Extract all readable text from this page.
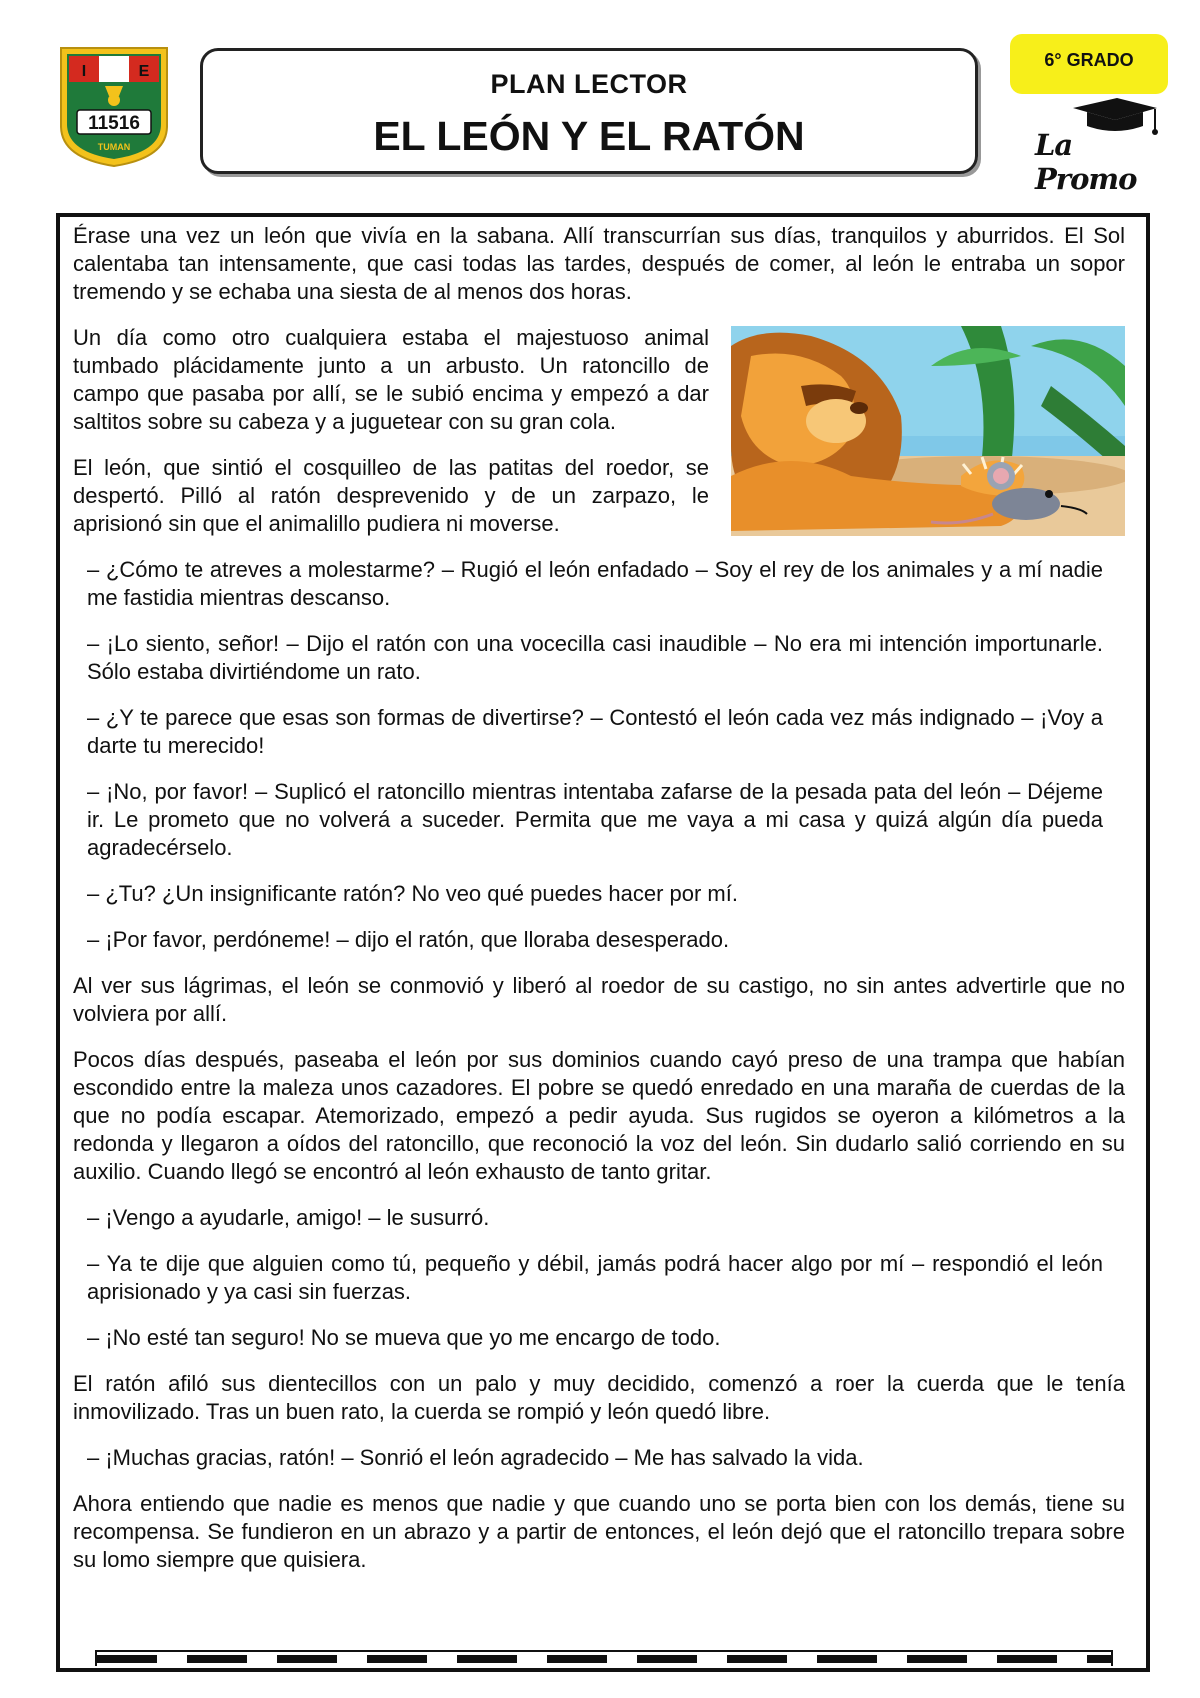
I	E
11516
TUMAN
PLAN LECTOR
EL LEÓN Y EL RATÓN
6° GRADO
La Promo

Érase una vez un león que vivía en la sabana. Allí transcurrían sus días, tranquilos y aburridos. El Sol calentaba tan intensamente, que casi todas las tardes, después de comer, al león le entraba un sopor tremendo y se echaba una siesta de al menos dos horas.

Un día como otro cualquiera estaba el majestuoso animal tumbado plácidamente junto a un arbusto. Un ratoncillo de campo que pasaba por allí, se le subió encima y empezó a dar saltitos sobre su cabeza y a juguetear con su gran cola.

El león, que sintió el cosquilleo de las patitas del roedor, se despertó. Pilló al ratón desprevenido y de un zarpazo, le aprisionó sin que el animalillo pudiera ni moverse.

– ¿Cómo te atreves a molestarme? – Rugió el león enfadado – Soy el rey de los animales y a mí nadie me fastidia mientras descanso.

– ¡Lo siento, señor! – Dijo el ratón con una vocecilla casi inaudible – No era mi intención importunarle. Sólo estaba divirtiéndome un rato.

– ¿Y te parece que esas son formas de divertirse? – Contestó el león cada vez más indignado – ¡Voy a darte tu merecido!

– ¡No, por favor! – Suplicó el ratoncillo mientras intentaba zafarse de la pesada pata del león – Déjeme ir. Le prometo que no volverá a suceder. Permita que me vaya a mi casa y quizá algún día pueda agradecérselo.

– ¿Tu? ¿Un insignificante ratón? No veo qué puedes hacer por mí.

– ¡Por favor, perdóneme! – dijo el ratón, que lloraba desesperado.

Al ver sus lágrimas, el león se conmovió y liberó al roedor de su castigo, no sin antes advertirle que no volviera por allí.

Pocos días después, paseaba el león por sus dominios cuando cayó preso de una trampa que habían escondido entre la maleza unos cazadores. El pobre se quedó enredado en una maraña de cuerdas de la que no podía escapar. Atemorizado, empezó a pedir ayuda. Sus rugidos se oyeron a kilómetros a la redonda y llegaron a oídos del ratoncillo, que reconoció la voz del león. Sin dudarlo salió corriendo en su auxilio. Cuando llegó se encontró al león exhausto de tanto gritar.

– ¡Vengo a ayudarle, amigo! – le susurró.

– Ya te dije que alguien como tú, pequeño y débil, jamás podrá hacer algo por mí – respondió el león aprisionado y ya casi sin fuerzas.

– ¡No esté tan seguro! No se mueva que yo me encargo de todo.

El ratón afiló sus dientecillos con un palo y muy decidido, comenzó a roer la cuerda que le tenía inmovilizado. Tras un buen rato, la cuerda se rompió y león quedó libre.

– ¡Muchas gracias, ratón! – Sonrió el león agradecido – Me has salvado la vida.

Ahora entiendo que nadie es menos que nadie y que cuando uno se porta bien con los demás, tiene su recompensa. Se fundieron en un abrazo y a partir de entonces, el león dejó que el ratoncillo trepara sobre su lomo siempre que quisiera.
